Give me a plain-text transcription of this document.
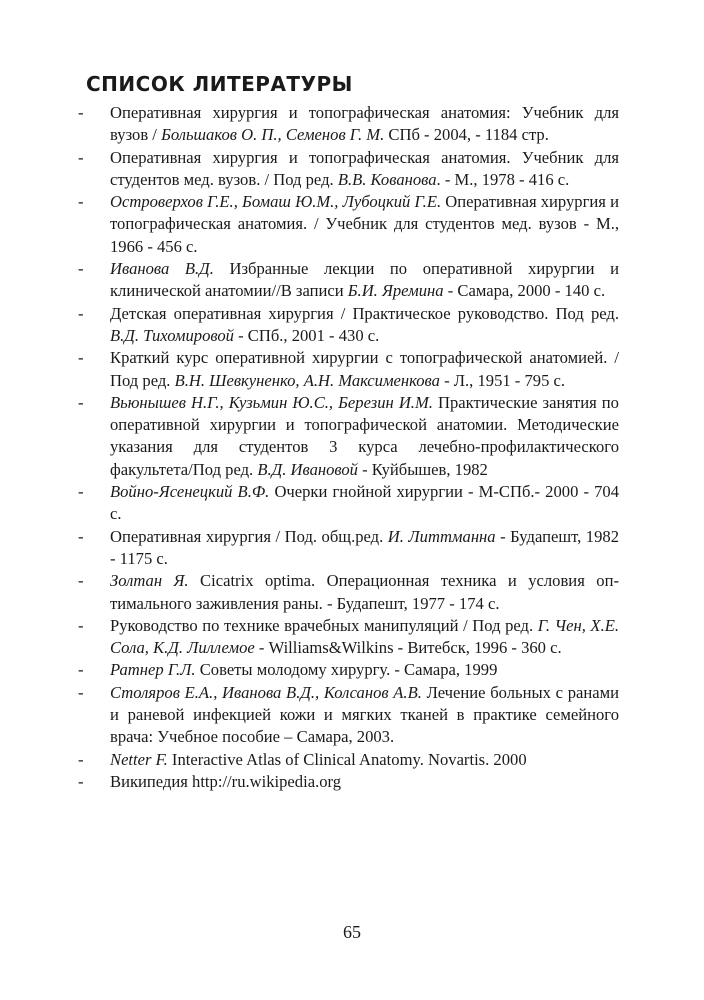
СПИСОК ЛИТЕРАТУРЫ
- Оперативная хирургия и топографическая анатомия: Учебник для вузов / Большаков О. П., Семенов Г. М. СПб - 2004, - 1184 стр.
- Оперативная хирургия и топографическая анатомия. Учебник для студентов мед. вузов. / Под ред. В.В. Кованова. - М., 1978 - 416 с.
- Островерхов Г.Е., Бомаш Ю.М., Лубоцкий Г.Е. Оперативная хирургия и топографическая анатомия. / Учебник для студентов мед. вузов - М., 1966 - 456 с.
- Иванова В.Д. Избранные лекции по оперативной хирургии и клинической анатомии//В записи Б.И. Яремина - Самара, 2000 - 140 с.
- Детская оперативная хирургия / Практическое руководство. Под ред. В.Д. Тихомировой - СПб., 2001 - 430 с.
- Краткий курс оперативной хирургии с топографической анатомией. / Под ред. В.Н. Шевкуненко, А.Н. Максименкова - Л., 1951 - 795 с.
- Вьюнышев Н.Г., Кузьмин Ю.С., Березин И.М. Практические занятия по оперативной хирургии и топографической анатомии. Методические указания для студентов 3 курса лечебно-профилактического факультета/Под ред. В.Д. Ивановой - Куйбышев, 1982
- Войно-Ясенецкий В.Ф. Очерки гнойной хирургии - М-СПб.- 2000 - 704 с.
- Оперативная хирургия / Под. общ.ред. И. Литтманна - Будапешт, 1982 - 1175 с.
- Золтан Я. Cicatrix optima. Операционная техника и условия оптимального заживления раны. - Будапешт, 1977 - 174 с.
- Руководство по технике врачебных манипуляций / Под ред. Г. Чен, Х.Е. Сола, К.Д. Лиллемое - Williams&Wilkins - Витебск, 1996 - 360 с.
- Ратнер Г.Л. Советы молодому хирургу. - Самара, 1999
- Столяров Е.А., Иванова В.Д., Колсанов А.В. Лечение больных с ранами и раневой инфекцией кожи и мягких тканей в практике семейного врача: Учебное пособие – Самара, 2003.
- Netter F. Interactive Atlas of Clinical Anatomy. Novartis. 2000
- Википедия http://ru.wikipedia.org
65
